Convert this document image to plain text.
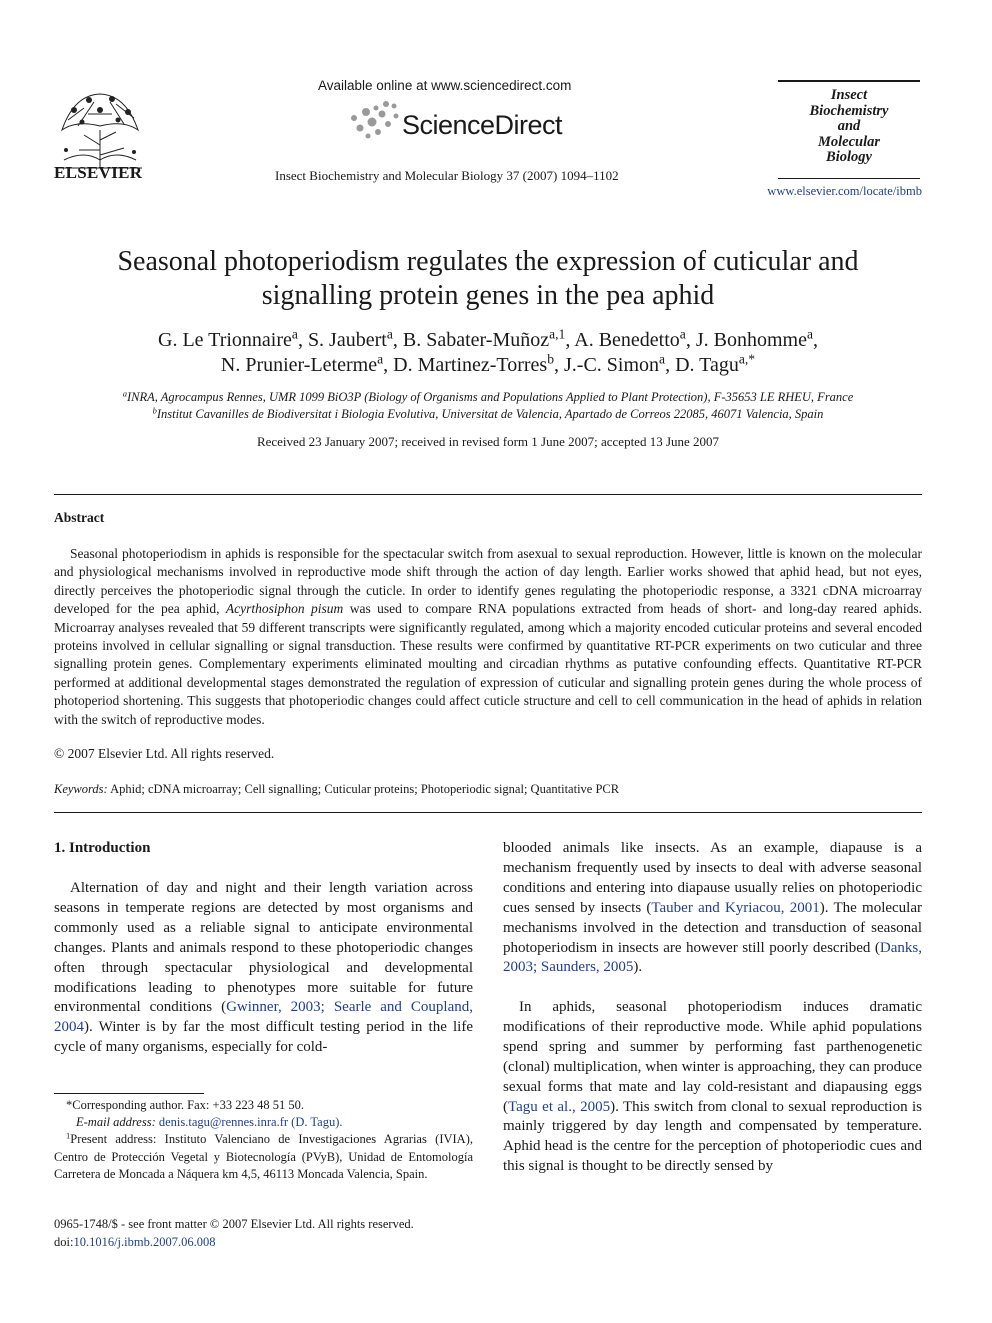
ELSEVIER
Available online at www.sciencedirect.com
ScienceDirect
Insect Biochemistry and Molecular Biology 37 (2007) 1094–1102
Insect
Biochemistry
and
Molecular
Biology
www.elsevier.com/locate/ibmb
Seasonal photoperiodism regulates the expression of cuticular and
signalling protein genes in the pea aphid
G. Le Trionnaire$^a$, S. Jaubert$^a$, B. Sabater-Muñoz$^{a,1}$, A. Benedetto$^a$, J. Bonhomme$^a$,
N. Prunier-Leterme$^a$, D. Martinez-Torres$^b$, J.-C. Simon$^a$, D. Tagu$^{a,*}$
$^a$INRA, Agrocampus Rennes, UMR 1099 BiO3P (Biology of Organisms and Populations Applied to Plant Protection), F-35653 LE RHEU, France
$^b$Institut Cavanilles de Biodiversitat i Biologia Evolutiva, Universitat de Valencia, Apartado de Correos 22085, 46071 Valencia, Spain
Received 23 January 2007; received in revised form 1 June 2007; accepted 13 June 2007
Abstract
Seasonal photoperiodism in aphids is responsible for the spectacular switch from asexual to sexual reproduction. However, little is known on the molecular and physiological mechanisms involved in reproductive mode shift through the action of day length. Earlier works showed that aphid head, but not eyes, directly perceives the photoperiodic signal through the cuticle. In order to identify genes regulating the photoperiodic response, a 3321 cDNA microarray developed for the pea aphid, Acyrthosiphon pisum was used to compare RNA populations extracted from heads of short- and long-day reared aphids. Microarray analyses revealed that 59 different transcripts were significantly regulated, among which a majority encoded cuticular proteins and several encoded proteins involved in cellular signalling or signal transduction. These results were confirmed by quantitative RT-PCR experiments on two cuticular and three signalling protein genes. Complementary experiments eliminated moulting and circadian rhythms as putative confounding effects. Quantitative RT-PCR performed at additional developmental stages demonstrated the regulation of expression of cuticular and signalling protein genes during the whole process of photoperiod shortening. This suggests that photoperiodic changes could affect cuticle structure and cell to cell communication in the head of aphids in relation with the switch of reproductive modes.
© 2007 Elsevier Ltd. All rights reserved.
Keywords: Aphid; cDNA microarray; Cell signalling; Cuticular proteins; Photoperiodic signal; Quantitative PCR
1. Introduction
Alternation of day and night and their length variation across seasons in temperate regions are detected by most organisms and commonly used as a reliable signal to anticipate environmental changes. Plants and animals respond to these photoperiodic changes often through spectacular physiological and developmental modifications leading to phenotypes more suitable for future environmental conditions (Gwinner, 2003; Searle and Coupland, 2004). Winter is by far the most difficult testing period in the life cycle of many organisms, especially for cold-
blooded animals like insects. As an example, diapause is a mechanism frequently used by insects to deal with adverse seasonal conditions and entering into diapause usually relies on photoperiodic cues sensed by insects (Tauber and Kyriacou, 2001). The molecular mechanisms involved in the detection and transduction of seasonal photoperiodism in insects are however still poorly described (Danks, 2003; Saunders, 2005).
In aphids, seasonal photoperiodism induces dramatic modifications of their reproductive mode. While aphid populations spend spring and summer by performing fast parthenogenetic (clonal) multiplication, when winter is approaching, they can produce sexual forms that mate and lay cold-resistant and diapausing eggs (Tagu et al., 2005). This switch from clonal to sexual reproduction is mainly triggered by day length and compensated by temperature. Aphid head is the centre for the perception of photoperiodic cues and this signal is thought to be directly sensed by
*Corresponding author. Fax: +33 223 48 51 50.
E-mail address: denis.tagu@rennes.inra.fr (D. Tagu).
$^1$Present address: Instituto Valenciano de Investigaciones Agrarias (IVIA), Centro de Protección Vegetal y Biotecnología (PVyB), Unidad de Entomología Carretera de Moncada a Náquera km 4,5, 46113 Moncada Valencia, Spain.
0965-1748/$ - see front matter © 2007 Elsevier Ltd. All rights reserved.
doi:10.1016/j.ibmb.2007.06.008
